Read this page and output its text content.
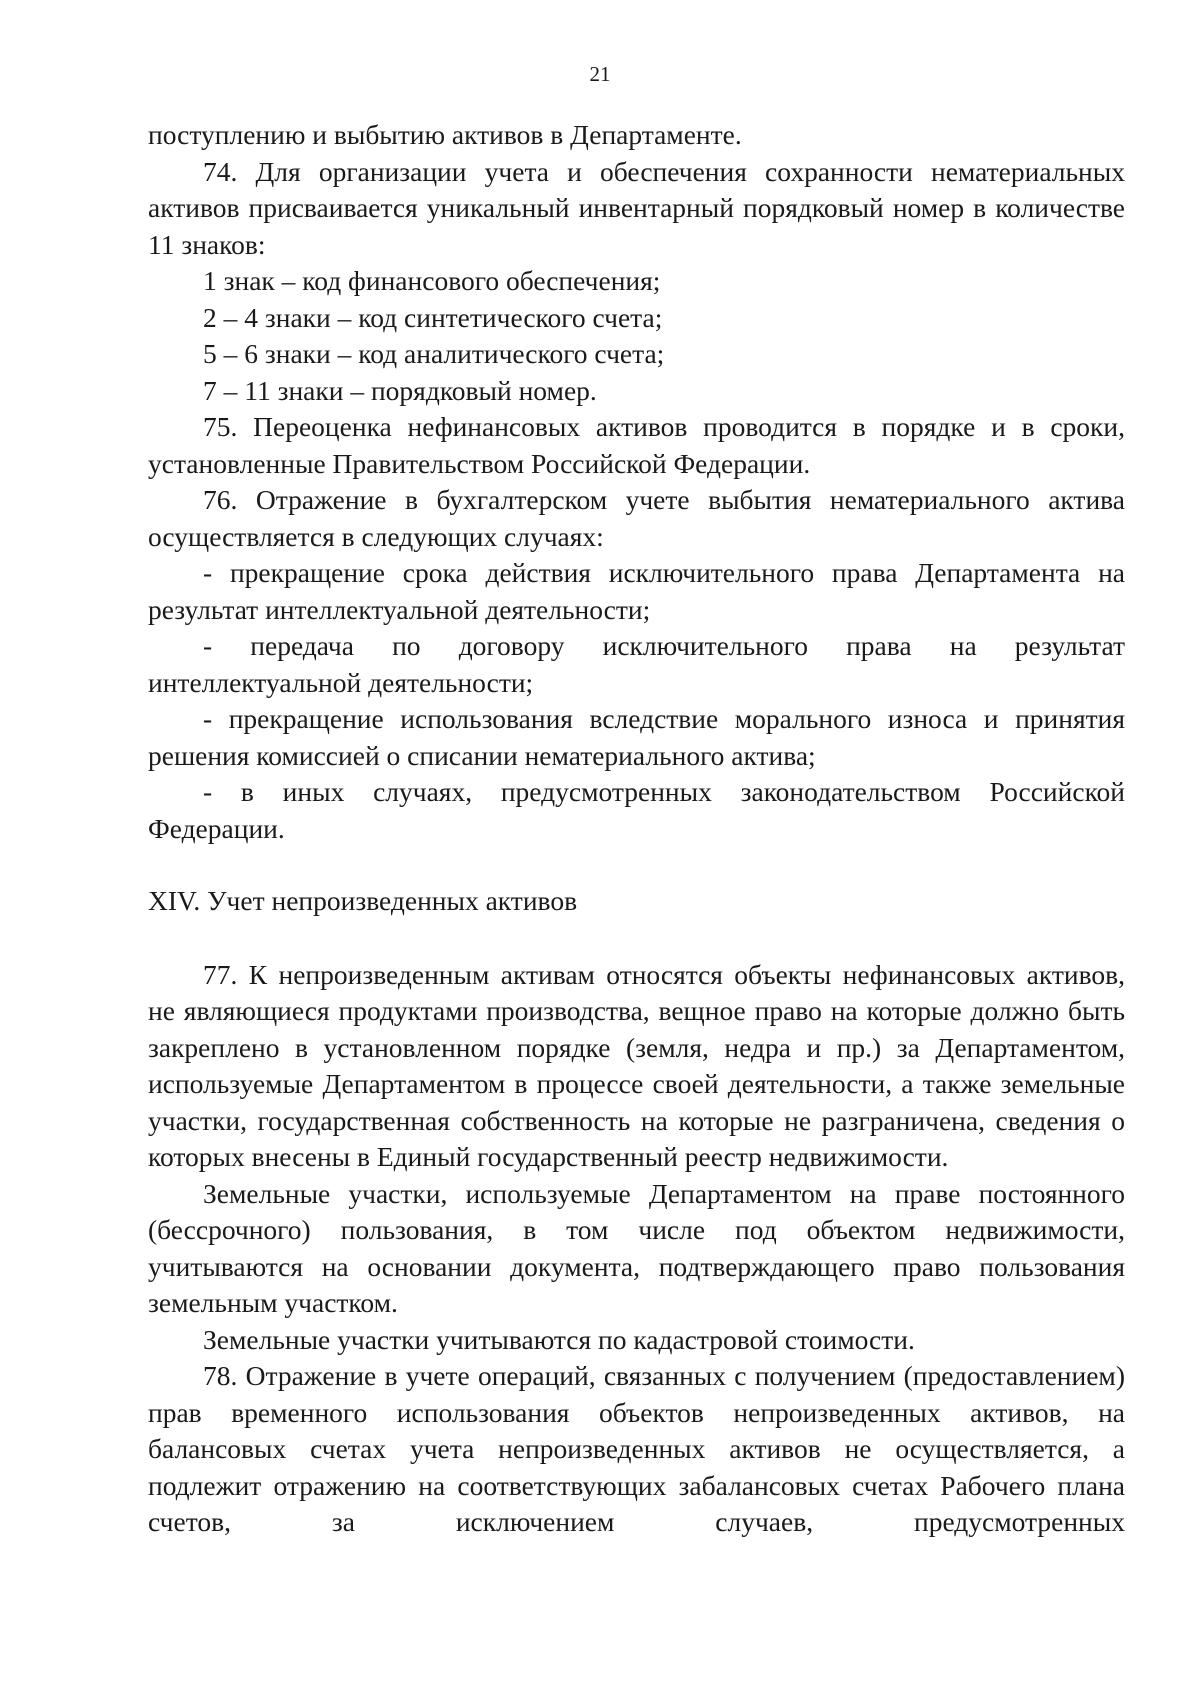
21

поступлению и выбытию активов в Департаменте.

74. Для организации учета и обеспечения сохранности нематериальных активов присваивается уникальный инвентарный порядковый номер в количестве 11 знаков:

1 знак – код финансового обеспечения;

2 – 4 знаки – код синтетического счета;

5 – 6 знаки – код аналитического счета;

7 – 11 знаки – порядковый номер.

75. Переоценка нефинансовых активов проводится в порядке и в сроки, установленные Правительством Российской Федерации.

76. Отражение в бухгалтерском учете выбытия нематериального актива осуществляется в следующих случаях:

- прекращение срока действия исключительного права Департамента на результат интеллектуальной деятельности;

- передача по договору исключительного права на результат интеллектуальной деятельности;

- прекращение использования вследствие морального износа и принятия решения комиссией о списании нематериального актива;

- в иных случаях, предусмотренных законодательством Российской Федерации.

XIV. Учет непроизведенных активов

77. К непроизведенным активам относятся объекты нефинансовых активов, не являющиеся продуктами производства, вещное право на которые должно быть закреплено в установленном порядке (земля, недра и пр.) за Департаментом, используемые Департаментом в процессе своей деятельности, а также земельные участки, государственная собственность на которые не разграничена, сведения о которых внесены в Единый государственный реестр недвижимости.

Земельные участки, используемые Департаментом на праве постоянного (бессрочного) пользования, в том числе под объектом недвижимости, учитываются на основании документа, подтверждающего право пользования земельным участком.

Земельные участки учитываются по кадастровой стоимости.

78. Отражение в учете операций, связанных с получением (предоставлением) прав временного использования объектов непроизведенных активов, на балансовых счетах учета непроизведенных активов не осуществляется, а подлежит отражению на соответствующих забалансовых счетах Рабочего плана счетов, за исключением случаев, предусмотренных
